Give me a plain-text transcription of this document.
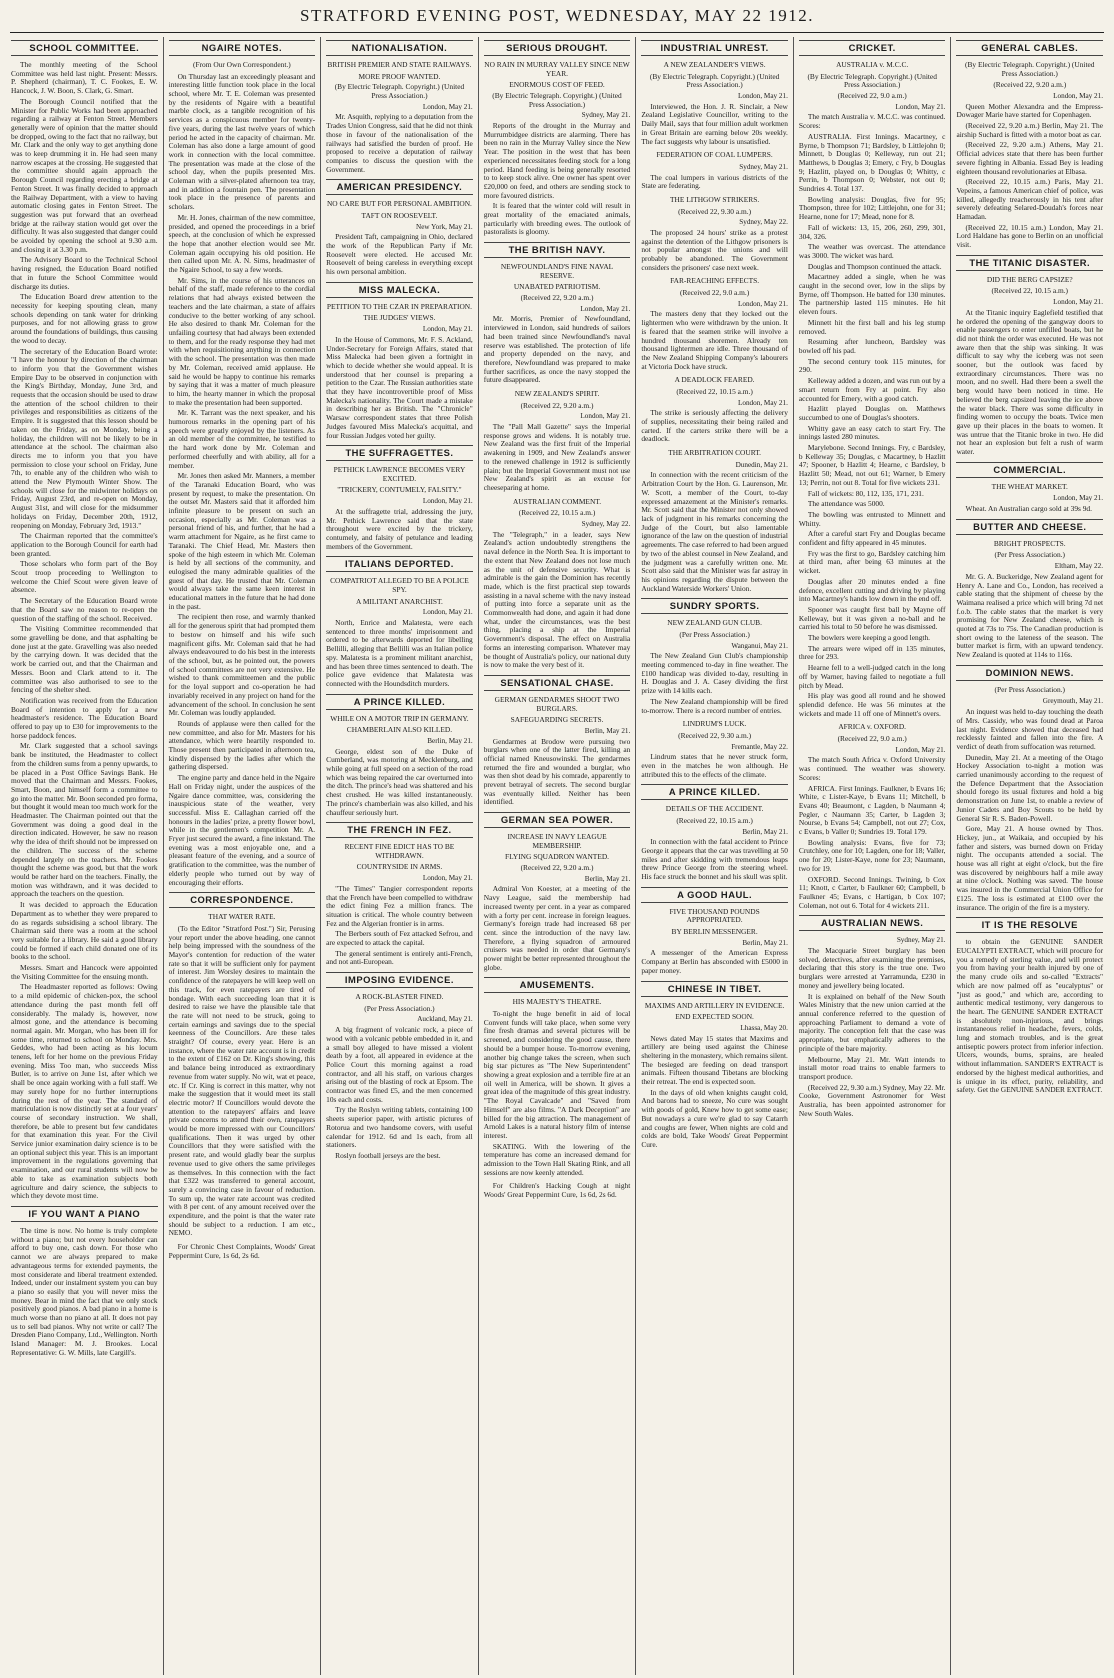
STRATFORD EVENING POST, WEDNESDAY, MAY 22 1912.
SCHOOL COMMITTEE.

The monthly meeting of the School Committee was held last night. Present: Messrs. P. Shepherd (chairman), T. C. Fookes, E. W. Hancock, J. W. Boon, S. Clark, G. Smart.

The Borough Council notified that the Minister for Public Works had been approached regarding a railway at Fenton Street. Members generally were of opinion that the matter should be dropped, owing to the fact that no railway, but Mr. Clark and the only way to get anything done was to keep drumming it in. He had seen many narrow escapes at the crossing. He suggested that the committee should again approach the Borough Council regarding erecting a bridge at Fenton Street. It was finally decided to approach the Railway Department, with a view to having automatic closing gates in Fenton Street. The suggestion was put forward that an overhead bridge at the railway station would get over the difficulty. It was also suggested that danger could be avoided by opening the school at 9.30 a.m. and closing it at 3.30 p.m.

The Advisory Board to the Technical School having resigned, the Education Board notified that in future the School Committee would discharge its duties.

The Education Board drew attention to the necessity for keeping spouting clean, many schools depending on tank water for drinking purposes, and for not allowing grass to grow around the foundations of buildings, thus causing the wood to decay.

The secretary of the Education Board wrote: "I have the honour by direction of the chairman to inform you that the Government wishes Empire Day to be observed in conjunction with the King's Birthday, Monday, June 3rd, and requests that the occasion should be used to draw the attention of the school children to their privileges and responsibilities as citizens of the Empire. It is suggested that this lesson should be taken on the Friday, as on Monday, being a holiday, the children will not be likely to be in attendance at the school. The chairman also directs me to inform you that you have permission to close your school on Friday, June 7th, to enable any of the children who wish to attend the New Plymouth Winter Show. The schools will close for the midwinter holidays on Friday, August 23rd, and re-open on Monday, August 31st, and will close for the midsummer holidays on Friday, December 20th, 1912, reopening on Monday, February 3rd, 1913."

The Chairman reported that the committee's application to the Borough Council for earth had been granted.

Those scholars who form part of the Boy Scout troop proceeding to Wellington to welcome the Chief Scout were given leave of absence.

The Secretary of the Education Board wrote that the Board saw no reason to re-open the question of the staffing of the school. Received.

The Visiting Committee recommended that some gravelling be done, and that asphalting be done just at the gate. Gravelling was also needed by the carrying down. It was decided that the work be carried out, and that the Chairman and Messrs. Boon and Clark attend to it. The committee was also authorised to see to the fencing of the shelter shed.

Notification was received from the Education Board of intention to apply for a new headmaster's residence. The Education Board offered to pay up to £30 for improvements to the horse paddock fences.

Mr. Clark suggested that a school savings bank be instituted, the Headmaster to collect from the children sums from a penny upwards, to be placed in a Post Office Savings Bank. He moved that the Chairman and Messrs. Fookes, Smart, Boon, and himself form a committee to go into the matter. Mr. Boon seconded pro forma, but thought it would mean too much work for the Headmaster. The Chairman pointed out that the Government was doing a good deal in the direction indicated. However, he saw no reason why the idea of thrift should not be impressed on the children. The success of the scheme depended largely on the teachers. Mr. Fookes thought the scheme was good, but that the work would be rather hard on the teachers. Finally, the motion was withdrawn, and it was decided to approach the teachers on the question.

It was decided to approach the Education Department as to whether they were prepared to do as regards subsidising a school library. The Chairman said there was a room at the school very suitable for a library. He said a good library could be formed if each child donated one of its books to the school.

Messrs. Smart and Hancock were appointed the Visiting Committee for the ensuing month.

The Headmaster reported as follows: Owing to a mild epidemic of chicken-pox, the school attendance during the past month fell off considerably. The malady is, however, now almost gone, and the attendance is becoming normal again. Mr. Morgan, who has been ill for some time, returned to school on Monday. Mrs. Geddes, who had been acting as his locum tenens, left for her home on the previous Friday evening. Miss Too man, who succeeds Miss Butler, is to arrive on June 1st, after which we shall be once again working with a full staff. We may surely hope for no further interruptions during the rest of the year. The standard of matriculation is now distinctly set at a four years' course of secondary instruction. We shall, therefore, be able to present but few candidates for that examination this year. For the Civil Service junior examination dairy science is to be an optional subject this year. This is an important improvement in the regulations governing that examination, and our rural students will now be able to take as examination subjects both agriculture and dairy science, the subjects to which they devote most time.

IF YOU WANT A PIANO

The time is now. No home is truly complete without a piano; but not every householder can afford to buy one, cash down. For those who cannot we are always prepared to make advantageous terms for extended payments, the most considerate and liberal treatment extended. Indeed, under our instalment system you can buy a piano so easily that you will never miss the money. Bear in mind the fact that we only stock positively good pianos. A bad piano in a home is much worse than no piano at all. It does not pay us to sell bad pianos. Why not write or call? The Dresden Piano Company, Ltd., Wellington. North Island Manager: M. J. Brookes. Local Representative: G. W. Mills, late Cargill's.

NGAIRE NOTES.
(From Our Own Correspondent.)

On Thursday last an exceedingly pleasant and interesting little function took place in the local school, where Mr. T. E. Coleman was presented by the residents of Ngaire with a beautiful marble clock, as a tangible recognition of his services as a conspicuous member for twenty-five years, during the last twelve years of which period he acted in the capacity of chairman. Mr. Coleman has also done a large amount of good work in connection with the local committee. The presentation was made at the close of the school day, when the pupils presented Mrs. Coleman with a silver-plated afternoon tea tray, and in addition a fountain pen. The presentation took place in the presence of parents and scholars.

Mr. H. Jones, chairman of the new committee, presided, and opened the proceedings in a brief speech, at the conclusion of which he expressed the hope that another election would see Mr. Coleman again occupying his old position. He then called upon Mr. A. N. Sims, headmaster of the Ngaire School, to say a few words.

Mr. Sims, in the course of his utterances on behalf of the staff, made reference to the cordial relations that had always existed between the teachers and the late chairman, a state of affairs conducive to the better working of any school. He also desired to thank Mr. Coleman for the unfailing courtesy that had always been extended to them, and for the ready response they had met with when requisitioning anything in connection with the school. The presentation was then made by Mr. Coleman, received amid applause. He said he would be happy to continue his remarks by saying that it was a matter of much pleasure to him, the hearty manner in which the proposal to make the presentation had been supported.

Mr. K. Tarrant was the next speaker, and his humorous remarks in the opening part of his speech were greatly enjoyed by the listeners. As an old member of the committee, he testified to the hard work done by Mr. Coleman and performed cheerfully and with ability, all for a member.

Mr. Jones then asked Mr. Manners, a member of the Taranaki Education Board, who was present by request, to make the presentation. On the outset Mr. Masters said that it afforded him infinite pleasure to be present on such an occasion, especially as Mr. Coleman was a personal friend of his, and further, that he had a warm attachment for Ngaire, as he first came to Taranaki. The Chief Head, Mr. Masters then spoke of the high esteem in which Mr. Coleman is held by all sections of the community, and eulogised the many admirable qualities of the guest of that day. He trusted that Mr. Coleman would always take the same keen interest in educational matters in the future that he had done in the past.

The recipient then rose, and warmly thanked all for the generous spirit that had prompted them to bestow on himself and his wife such magnificent gifts. Mr. Coleman said that he had always endeavoured to do his best in the interests of the school, but, as he pointed out, the powers of school committees are not very extensive. He wished to thank committeemen and the public for the loyal support and co-operation he had invariably received in any project on hand for the advancement of the school. In conclusion he sent Mr. Coleman was loudly applauded.

Rounds of applause were then called for the new committee, and also for Mr. Masters for his attendance, which were heartily responded to. Those present then participated in afternoon tea, kindly dispensed by the ladies after which the gathering dispersed.

The engine party and dance held in the Ngaire Hall on Friday night, under the auspices of the Ngaire dance committee, was, considering the inauspicious state of the weather, very successful. Miss E. Callaghan carried off the honours in the ladies' prize, a pretty flower bowl, while in the gentlemen's competition Mr. A. Fryer just secured the award, a fine inkstand. The evening was a most enjoyable one, and a pleasant feature of the evening, and a source of gratification to the committee, was the number of elderly people who turned out by way of encouraging their efforts.

CORRESPONDENCE.
THAT WATER RATE.

(To the Editor "Stratford Post.") Sir, Perusing your report under the above heading, one cannot help being impressed with the soundness of the Mayor's contention for reduction of the water rate so that it will be sufficient only for payment of interest. Jim Worsley desires to maintain the confidence of the ratepayers he will keep well on this track, for even ratepayers are tired of bondage. With each succeeding loan that it is desired to raise we have the plausible tale that the rate will not need to be struck, going to certain earnings and savings due to the special keenness of the Councillors. Are these tales straight? Of course, every year. Here is an instance, where the water rate account is in credit to the extent of £162 on Dr. King's showing, this and balance being introduced as extraordinary revenue from water supply. No wit, wat et peace, etc. If Cr. King is correct in this matter, why not make the suggestion that it would meet its stall electric motor? If Councillors would devote the attention to the ratepayers' affairs and leave private concerns to attend their own, ratepayers would be more impressed with our Councillors' qualifications. Then it was urged by other Councillors that they were satisfied with the present rate, and would gladly bear the surplus revenue used to give others the same privileges as themselves. In this connection with the fact that £322 was transferred to general account, surely a convincing case in favour of reduction. To sum up, the water rate account was credited with 8 per cent. of any amount received over the expenditure, and the point is that the water rate should be subject to a reduction. I am etc., NEMO.

For Chronic Chest Complaints, Woods' Great Peppermint Cure, 1s 6d, 2s 6d.

NATIONALISATION.
BRITISH PREMIER AND STATE RAILWAYS.
MORE PROOF WANTED.
(By Electric Telegraph. Copyright.) (United Press Association.)
London, May 21.

Mr. Asquith, replying to a deputation from the Trades Union Congress, said that he did not think those in favour of the nationalisation of the railways had satisfied the burden of proof. He proposed to receive a deputation of railway companies to discuss the question with the Government.

AMERICAN PRESIDENCY.
NO CARE BUT FOR PERSONAL AMBITION.
TAFT ON ROOSEVELT.
New York, May 21.

President Taft, campaigning in Ohio, declared the work of the Republican Party if Mr. Roosevelt were elected. He accused Mr. Roosevelt of being careless in everything except his own personal ambition.

MISS MALECKA.
PETITION TO THE CZAR IN PREPARATION.
THE JUDGES' VIEWS.
London, May 21.

In the House of Commons, Mr. F. S. Ackland, Under-Secretary for Foreign Affairs, stated that Miss Malecka had been given a fortnight in which to decide whether she would appeal. It is understood that her counsel is preparing a petition to the Czar. The Russian authorities state that they have incontrovertible proof of Miss Malecka's nationality. The Court made a mistake in describing her as British. The "Chronicle" Warsaw correspondent states that three Polish Judges favoured Miss Malecka's acquittal, and four Russian Judges voted her guilty.

THE SUFFRAGETTES.
PETHICK LAWRENCE BECOMES VERY EXCITED.
"TRICKERY, CONTUMELY, FALSITY."
London, May 21.

At the suffragette trial, addressing the jury, Mr. Pethick Lawrence said that the state throughout were excited by the trickery, contumely, and falsity of petulance and leading members of the Government.

ITALIANS DEPORTED.
COMPATRIOT ALLEGED TO BE A POLICE SPY.
A MILITANT ANARCHIST.
London, May 21.

North, Enrice and Malatesta, were each sentenced to three months' imprisonment and ordered to be afterwards deported for libelling Bellilli, alleging that Bellilli was an Italian police spy. Malatesta is a prominent militant anarchist, and has been three times sentenced to death. The police gave evidence that Malatesta was connected with the Houndsditch murders.

A PRINCE KILLED.
WHILE ON A MOTOR TRIP IN GERMANY.
CHAMBERLAIN ALSO KILLED.
Berlin, May 21.

George, eldest son of the Duke of Cumberland, was motoring at Mecklenburg, and while going at full speed on a section of the road which was being repaired the car overturned into the ditch. The prince's head was shattered and his chest crushed. He was killed instantaneously. The prince's chamberlain was also killed, and his chauffeur seriously hurt.

THE FRENCH IN FEZ.
RECENT FINE EDICT HAS TO BE WITHDRAWN.
COUNTRYSIDE IN ARMS.
London, May 21.

"The Times" Tangier correspondent reports that the French have been compelled to withdraw the edict fining Fez a million francs. The situation is critical. The whole country between Fez and the Algerian frontier is in arms.

The Berbers south of Fez attacked Sefrou, and are expected to attack the capital.

The general sentiment is entirely anti-French, and not anti-European.

IMPOSING EVIDENCE.
A ROCK-BLASTER FINED.
(Per Press Association.)
Auckland, May 21.

A big fragment of volcanic rock, a piece of wood with a volcanic pebble embedded in it, and a small boy alleged to have missed a violent death by a foot, all appeared in evidence at the Police Court this morning against a road contractor, and all his staff, on various charges arising out of the blasting of rock at Epsom. The contractor was fined £5, and the men concerned 10s each and costs.

Try the Roslyn writing tablets, containing 100 sheets superior paper, with artistic pictures of Rotorua and two handsome covers, with useful calendar for 1912. 6d and 1s each, from all stationers.

Roslyn football jerseys are the best.

SERIOUS DROUGHT.
NO RAIN IN MURRAY VALLEY SINCE NEW YEAR.
ENORMOUS COST OF FEED.
(By Electric Telegraph. Copyright.) (United Press Association.)
Sydney, May 21.

Reports of the drought in the Murray and Murrumbidgee districts are alarming. There has been no rain in the Murray Valley since the New Year. The position in the west that has been experienced necessitates feeding stock for a long period. Hand feeding is being generally resorted to to keep stock alive. One owner has spent over £20,000 on feed, and others are sending stock to more favoured districts.

It is feared that the winter cold will result in great mortality of the emaciated animals, particularly with breeding ewes. The outlook of pastoralists is gloomy.

THE BRITISH NAVY.
NEWFOUNDLAND'S FINE NAVAL RESERVE.
UNABATED PATRIOTISM.
(Received 22, 9.20 a.m.)
London, May 21.

Mr. Morris, Premier of Newfoundland, interviewed in London, said hundreds of sailors had been trained since Newfoundland's naval reserve was established. The protection of life and property depended on the navy, and therefore, Newfoundland was prepared to make further sacrifices, as once the navy stopped the future disappeared.

NEW ZEALAND'S SPIRIT.
(Received 22, 9.20 a.m.)
London, May 21.

The "Pall Mall Gazette" says the Imperial response grows and widens. It is notably true. New Zealand was the first fruit of the Imperial awakening in 1909, and New Zealand's answer to the renewed challenge in 1912 is sufficiently plain; but the Imperial Government must not use New Zealand's spirit as an excuse for cheeseparing at home.

AUSTRALIAN COMMENT.
(Received 22, 10.15 a.m.)
Sydney, May 22.

The "Telegraph," in a leader, says New Zealand's action undoubtedly strengthens the naval defence in the North Sea. It is important to the extent that New Zealand does not lose much as the unit of defensive security. What is admirable is the gain the Dominion has recently made, which is the first practical step towards assisting in a naval scheme with the navy instead of putting into force a separate unit as the Commonwealth had done, and again it had done what, under the circumstances, was the best thing, placing a ship at the Imperial Government's disposal. The effect on Australia forms an interesting comparison. Whatever may be thought of Australia's policy, our national duty is now to make the very best of it.

SENSATIONAL CHASE.
GERMAN GENDARMES SHOOT TWO BURGLARS.
SAFEGUARDING SECRETS.
Berlin, May 21.

Gendarmes at Brodow were pursuing two burglars when one of the latter fired, killing an official named Kneusowinski. The gendarmes returned the fire and wounded a burglar, who was then shot dead by his comrade, apparently to prevent betrayal of secrets. The second burglar was eventually killed. Neither has been identified.

GERMAN SEA POWER.
INCREASE IN NAVY LEAGUE MEMBERSHIP.
FLYING SQUADRON WANTED.
(Received 22, 9.20 a.m.)
Berlin, May 21.

Admiral Von Koester, at a meeting of the Navy League, said the membership had increased twenty per cent. in a year as compared with a forty per cent. increase in foreign leagues. Germany's foreign trade had increased 68 per cent. since the introduction of the navy law. Therefore, a flying squadron of armoured cruisers was needed in order that Germany's power might be better represented throughout the globe.

AMUSEMENTS.
HIS MAJESTY'S THEATRE.

To-night the huge benefit in aid of local Convent funds will take place, when some very fine fresh dramas and several pictures will be screened, and considering the good cause, there should be a bumper house. To-morrow evening, another big change takes the screen, when such big star pictures as "The New Superintendent" showing a great explosion and a terrible fire at an oil well in America, will be shown. It gives a great idea of the magnitude of this great industry. "The Royal Cavalcade" and "Saved from Himself" are also films. "A Dark Deception" are billed for the big attraction. The management of Arnold Lakes is a natural history film of intense interest.

SKATING. With the lowering of the temperature has come an increased demand for admission to the Town Hall Skating Rink, and all sessions are now keenly attended.

For Children's Hacking Cough at night Woods' Great Peppermint Cure, 1s 6d, 2s 6d.

INDUSTRIAL UNREST.
A NEW ZEALANDER'S VIEWS.
(By Electric Telegraph. Copyright.) (United Press Association.)
London, May 21.

Interviewed, the Hon. J. R. Sinclair, a New Zealand Legislative Councillor, writing to the Daily Mail, says that four million adult workmen in Great Britain are earning below 20s weekly. The fact suggests why labour is unsatisfied.

FEDERATION OF COAL LUMPERS.
Sydney, May 21.

The coal lumpers in various districts of the State are federating.

THE LITHGOW STRIKERS.
(Received 22, 9.30 a.m.)
Sydney, May 22.

The proposed 24 hours' strike as a protest against the detention of the Lithgow prisoners is not popular amongst the unions and will probably be abandoned. The Government considers the prisoners' case next week.

FAR-REACHING EFFECTS.
(Received 22, 9.0 a.m.)
London, May 21.

The masters deny that they locked out the lightermen who were withdrawn by the union. It is feared that the seamen strike will involve a hundred thousand shoremen. Already ten thousand lightermen are idle. Three thousand of the New Zealand Shipping Company's labourers at Victoria Dock have struck.

A DEADLOCK FEARED.
(Received 22, 10.15 a.m.)
London, May 21.

The strike is seriously affecting the delivery of supplies, necessitating their being railed and carted. If the carters strike there will be a deadlock.

THE ARBITRATION COURT.
Dunedin, May 21.

In connection with the recent criticism of the Arbitration Court by the Hon. G. Laurenson, Mr. W. Scott, a member of the Court, to-day expressed amazement at the Minister's remarks. Mr. Scott said that the Minister not only showed lack of judgment in his remarks concerning the Judge of the Court, but also lamentable ignorance of the law on the question of industrial agreements. The case referred to had been argued by two of the ablest counsel in New Zealand, and the judgment was a carefully written one. Mr. Scott also said that the Minister was far astray in his opinions regarding the dispute between the Auckland Waterside Workers' Union.

SUNDRY SPORTS.
NEW ZEALAND GUN CLUB.
(Per Press Association.)
Wanganui, May 21.

The New Zealand Gun Club's championship meeting commenced to-day in fine weather. The £100 handicap was divided to-day, resulting in H. Douglas and J. A. Casey dividing the first prize with 14 kills each.

The New Zealand championship will be fired to-morrow. There is a record number of entries.

LINDRUM'S LUCK.
(Received 22, 9.30 a.m.)
Fremantle, May 22.

Lindrum states that he never struck form, even in the matches he won although. He attributed this to the effects of the climate.

A PRINCE KILLED.
DETAILS OF THE ACCIDENT.
(Received 22, 10.15 a.m.)
Berlin, May 21.

In connection with the fatal accident to Prince George it appears that the car was travelling at 50 miles and after skidding with tremendous leaps threw Prince George from the steering wheel. His face struck the bonnet and his skull was split.

A GOOD HAUL.
FIVE THOUSAND POUNDS APPROPRIATED.
BY BERLIN MESSENGER.
Berlin, May 21.

A messenger of the American Express Company at Berlin has absconded with £5000 in paper money.

CHINESE IN TIBET.
MAXIMS AND ARTILLERY IN EVIDENCE.
END EXPECTED SOON.
Lhassa, May 20.

News dated May 15 states that Maxims and artillery are being used against the Chinese sheltering in the monastery, which remains silent. The besieged are feeding on dead transport animals. Fifteen thousand Tibetans are blocking their retreat. The end is expected soon.

In the days of old when knights caught cold, And barons had to sneeze, No cure was sought with goods of gold, Knew how to get some ease; But nowadays a cure we're glad to say Catarrh and coughs are fewer, When nights are cold and colds are bold, Take Woods' Great Peppermint Cure.

CRICKET.
AUSTRALIA v. M.C.C.
(By Electric Telegraph. Copyright.) (United Press Association.)
(Received 22, 9.0 a.m.)
London, May 21.

The match Australia v. M.C.C. was continued. Scores:

AUSTRALIA. First Innings. Macartney, c Byrne, b Thompson 71; Bardsley, b Littlejohn 0; Minnett, b Douglas 0; Kelleway, run out 21; Matthews, b Douglas 3; Emery, c Fry, b Douglas 9; Hazlitt, played on, b Douglas 0; Whitty, c Perrin, b Thompson 0; Webster, not out 0; Sundries 4. Total 137.

Bowling analysis: Douglas, five for 95; Thompson, three for 102; Littlejohn, one for 31; Hearne, none for 17; Mead, none for 8.

Fall of wickets: 13, 15, 206, 260, 299, 301, 304, 326.

The weather was overcast. The attendance was 3000. The wicket was hard.

Douglas and Thompson continued the attack.

Macartney added a single, when he was caught in the second over, low in the slips by Byrne, off Thompson. He batted for 130 minutes. The partnership lasted 115 minutes. He hit eleven fours.

Minnett hit the first ball and his leg stump removed.

Resuming after luncheon, Bardsley was bowled off his pad.

The second century took 115 minutes, for 290.

Kelleway added a dozen, and was run out by a smart return from Fry at point. Fry also accounted for Emery, with a good catch.

Hazlitt played Douglas on. Matthews succumbed to one of Douglas's shooters.

Whitty gave an easy catch to start Fry. The innings lasted 280 minutes.

Marylebone. Second Innings. Fry, c Bardsley, b Kelleway 35; Douglas, c Macartney, b Hazlitt 47; Spooner, b Hazlitt 4; Hearne, c Bardsley, b Hazlitt 50; Mead, not out 61; Warner, b Emery 13; Perrin, not out 8. Total for five wickets 231.

Fall of wickets: 80, 112, 135, 171, 231.

The attendance was 5000.

The bowling was entrusted to Minnett and Whitty.

After a careful start Fry and Douglas became confident and fifty appeared in 45 minutes.

Fry was the first to go, Bardsley catching him at third man, after being 63 minutes at the wicket.

Douglas after 20 minutes ended a fine defence, excellent cutting and driving by playing into Macartney's hands low down in the end off.

Spooner was caught first ball by Mayne off Kelleway, but it was given a no-ball and he carried his total to 50 before he was dismissed.

The bowlers were keeping a good length.

The arrears were wiped off in 135 minutes, three for 293.

Hearne fell to a well-judged catch in the long off by Warner, having failed to negotiate a full pitch by Mead.

His play was good all round and he showed splendid defence. He was 56 minutes at the wickets and made 11 off one of Minnett's overs.

AFRICA v. OXFORD.
(Received 22, 9.0 a.m.)
London, May 21.

The match South Africa v. Oxford University was continued. The weather was showery. Scores:

AFRICA. First Innings. Faulkner, b Evans 16; White, c Lister-Kaye, b Evans 11; Mitchell, b Evans 40; Beaumont, c Lagden, b Naumann 4; Pegler, c Naumann 35; Carter, b Lagden 3; Nourse, b Evans 54; Campbell, not out 27; Cox, c Evans, b Valler 0; Sundries 19. Total 179.

Bowling analysis: Evans, five for 73; Crutchley, one for 10; Lagden, one for 18; Valler, one for 20; Lister-Kaye, none for 23; Naumann, two for 19.

OXFORD. Second Innings. Twining, b Cox 11; Knott, c Carter, b Faulkner 60; Campbell, b Faulkner 45; Evans, c Hartigan, b Cox 107; Coleman, not out 6. Total for 4 wickets 211.

AUSTRALIAN NEWS.
Sydney, May 21.

The Macquarie Street burglary has been solved, detectives, after examining the premises, declaring that this story is the true one. Two burglars were arrested at Yarramunda, £230 in money and jewellery being located.

It is explained on behalf of the New South Wales Ministry that the new union carried at the annual conference referred to the question of approaching Parliament to demand a vote of majority. The conception felt that the case was appropriate, but emphatically adheres to the principle of the bare majority.

Melbourne, May 21. Mr. Watt intends to install motor road trains to enable farmers to transport produce.

(Received 22, 9.30 a.m.) Sydney, May 22. Mr. Cooke, Government Astronomer for West Australia, has been appointed astronomer for New South Wales.

GENERAL CABLES.
(By Electric Telegraph. Copyright.) (United Press Association.)
(Received 22, 9.20 a.m.)
London, May 21.

Queen Mother Alexandra and the Empress-Dowager Marie have started for Copenhagen.

(Received 22, 9.20 a.m.) Berlin, May 21. The airship Suchard is fitted with a motor boat as car.

(Received 22, 9.20 a.m.) Athens, May 21. Official advices state that there has been further severe fighting in Albania. Essad Bey is leading eighteen thousand revolutionaries at Elbasa.

(Received 22, 10.15 a.m.) Paris, May 21. Vepeins, a famous American chief of police, was killed, allegedly treacherously in his tent after severely defeating Selared-Doudah's forces near Hamadan.

(Received 22, 10.15 a.m.) London, May 21. Lord Haldane has gone to Berlin on an unofficial visit.

THE TITANIC DISASTER.
DID THE BERG CAPSIZE?
(Received 22, 10.15 a.m.)
London, May 21.

At the Titanic inquiry Eaglefield testified that he ordered the opening of the gangway doors to enable passengers to enter unfilled boats, but he did not think the order was executed. He was not aware then that the ship was sinking. It was difficult to say why the iceberg was not seen sooner, but the outlook was faced by extraordinary circumstances. There was no moon, and no swell. Had there been a swell the berg would have been noticed in time. He believed the berg capsized leaving the ice above the water black. There was some difficulty in finding women to occupy the boats. Twice men gave up their places in the boats to women. It was untrue that the Titanic broke in two. He did not hear an explosion but felt a rush of warm water.

COMMERCIAL.
THE WHEAT MARKET.
London, May 21.

Wheat. An Australian cargo sold at 39s 9d.

BUTTER AND CHEESE.
BRIGHT PROSPECTS.
(Per Press Association.)
Eltham, May 22.

Mr. G. A. Buckeridge, New Zealand agent for Henry A. Lane and Co., London, has received a cable stating that the shipment of cheese by the Waimana realised a price which will bring 7d net f.o.b. The cable states that the market is very promising for New Zealand cheese, which is quoted at 73s to 75s. The Canadian production is short owing to the lateness of the season. The butter market is firm, with an upward tendency. New Zealand is quoted at 114s to 116s.

DOMINION NEWS.
(Per Press Association.)
Greymouth, May 21.

An inquest was held to-day touching the death of Mrs. Cassidy, who was found dead at Paroa last night. Evidence showed that deceased had recklessly fainted and fallen into the fire. A verdict of death from suffocation was returned.

Dunedin, May 21. At a meeting of the Otago Hockey Association to-night a motion was carried unanimously according to the request of the Defence Department that the Association should forego its usual fixtures and hold a big demonstration on June 1st, to enable a review of Junior Cadets and Boy Scouts to be held by General Sir R. S. Baden-Powell.

Gore, May 21. A house owned by Thos. Hickey, jun., at Waikaia, and occupied by his father and sisters, was burned down on Friday night. The occupants attended a social. The house was all right at eight o'clock, but the fire was discovered by neighbours half a mile away at nine o'clock. Nothing was saved. The house was insured in the Commercial Union Office for £125. The loss is estimated at £100 over the insurance. The origin of the fire is a mystery.

IT IS THE RESOLVE

to obtain the GENUINE SANDER EUCALYPTI EXTRACT, which will procure for you a remedy of sterling value, and will protect you from having your health injured by one of the many crude oils and so-called "Extracts" which are now palmed off as "eucalyptus" or "just as good," and which are, according to authentic medical testimony, very dangerous to the heart. The GENUINE SANDER EXTRACT is absolutely non-injurious, and brings instantaneous relief in headache, fevers, colds, lung and stomach troubles, and is the great antiseptic powers protect from inferior infection. Ulcers, wounds, burns, sprains, are healed without inflammation. SANDER'S EXTRACT is endorsed by the highest medical authorities, and is unique in its effect, purity, reliability, and safety. Get the GENUINE SANDER EXTRACT.
